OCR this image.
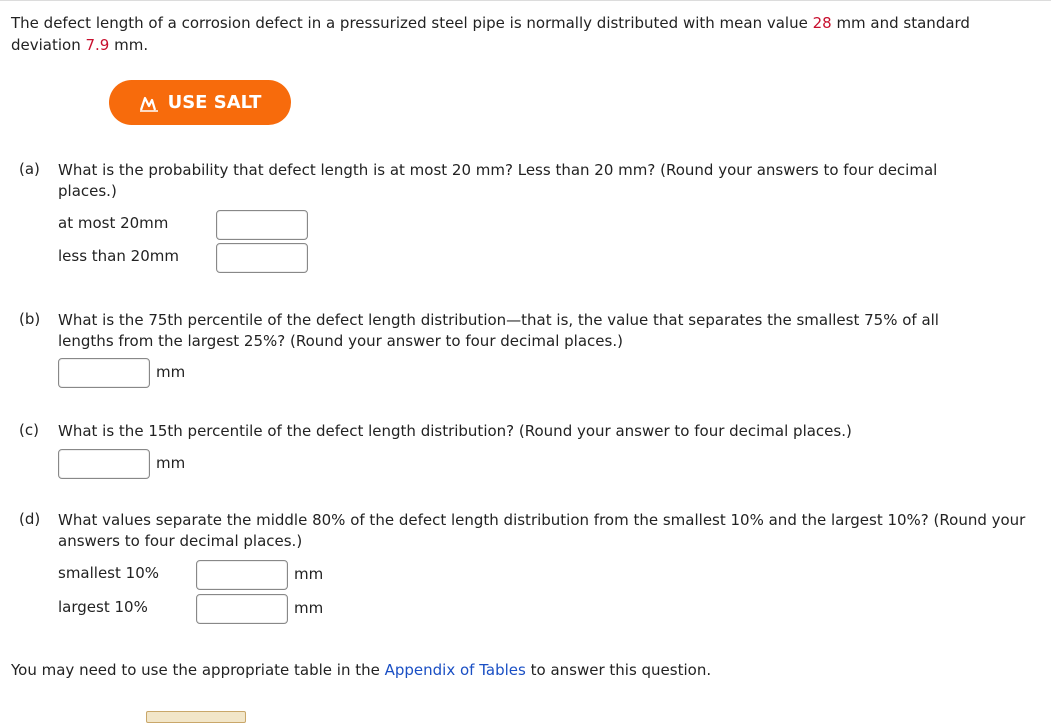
The defect length of a corrosion defect in a pressurized steel pipe is normally distributed with mean value 28 mm and standard deviation 7.9 mm.
USE SALT
(a) What is the probability that defect length is at most 20 mm? Less than 20 mm? (Round your answers to four decimal places.)
at most 20mm
less than 20mm
(b) What is the 75th percentile of the defect length distribution—that is, the value that separates the smallest 75% of all lengths from the largest 25%? (Round your answer to four decimal places.)
mm
(c) What is the 15th percentile of the defect length distribution? (Round your answer to four decimal places.)
mm
(d) What values separate the middle 80% of the defect length distribution from the smallest 10% and the largest 10%? (Round your answers to four decimal places.)
smallest 10%	mm
largest 10%	mm
You may need to use the appropriate table in the Appendix of Tables to answer this question.
